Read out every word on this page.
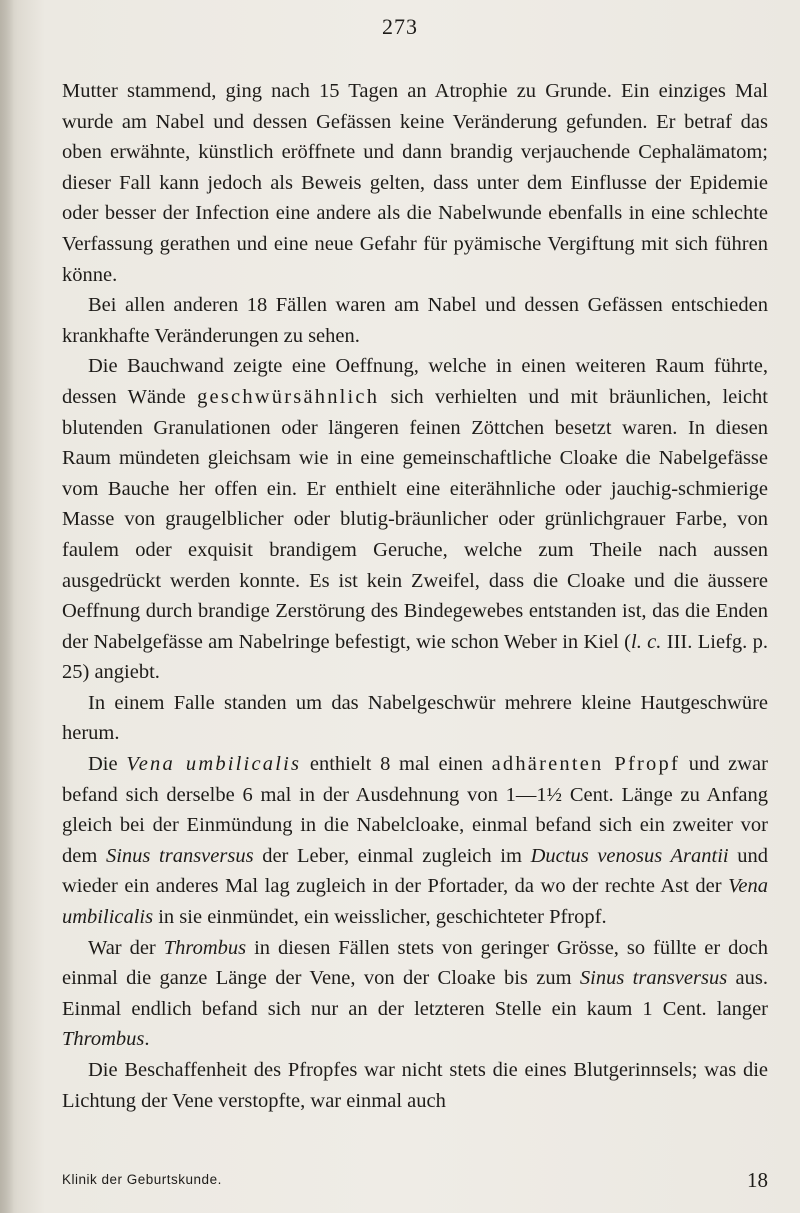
273

Mutter stammend, ging nach 15 Tagen an Atrophie zu Grunde. Ein einziges Mal wurde am Nabel und dessen Gefässen keine Veränderung gefunden. Er betraf das oben erwähnte, künstlich eröffnete und dann brandig verjauchende Cephalämatom; dieser Fall kann jedoch als Beweis gelten, dass unter dem Einflusse der Epidemie oder besser der Infection eine andere als die Nabelwunde ebenfalls in eine schlechte Verfassung gerathen und eine neue Gefahr für pyämische Vergiftung mit sich führen könne.

Bei allen anderen 18 Fällen waren am Nabel und dessen Gefässen entschieden krankhafte Veränderungen zu sehen.

Die Bauchwand zeigte eine Oeffnung, welche in einen weiteren Raum führte, dessen Wände geschwürsähnlich sich verhielten und mit bräunlichen, leicht blutenden Granulationen oder längeren feinen Zöttchen besetzt waren. In diesen Raum mündeten gleichsam wie in eine gemeinschaftliche Cloake die Nabelgefässe vom Bauche her offen ein. Er enthielt eine eiterähnliche oder jauchig-schmierige Masse von graugelblicher oder blutig-bräunlicher oder grünlichgrauer Farbe, von faulem oder exquisit brandigem Geruche, welche zum Theile nach aussen ausgedrückt werden konnte. Es ist kein Zweifel, dass die Cloake und die äussere Oeffnung durch brandige Zerstörung des Bindegewebes entstanden ist, das die Enden der Nabelgefässe am Nabelringe befestigt, wie schon Weber in Kiel (l. c. III. Liefg. p. 25) angiebt.

In einem Falle standen um das Nabelgeschwür mehrere kleine Hautgeschwüre herum.

Die Vena umbilicalis enthielt 8 mal einen adhärenten Pfropf und zwar befand sich derselbe 6 mal in der Ausdehnung von 1—1½ Cent. Länge zu Anfang gleich bei der Einmündung in die Nabelcloake, einmal befand sich ein zweiter vor dem Sinus transversus der Leber, einmal zugleich im Ductus venosus Arantii und wieder ein anderes Mal lag zugleich in der Pfortader, da wo der rechte Ast der Vena umbilicalis in sie einmündet, ein weisslicher, geschichteter Pfropf.

War der Thrombus in diesen Fällen stets von geringer Grösse, so füllte er doch einmal die ganze Länge der Vene, von der Cloake bis zum Sinus transversus aus. Einmal endlich befand sich nur an der letzteren Stelle ein kaum 1 Cent. langer Thrombus.

Die Beschaffenheit des Pfropfes war nicht stets die eines Blutgerinnsels; was die Lichtung der Vene verstopfte, war einmal auch

Klinik der Geburtskunde.	18
